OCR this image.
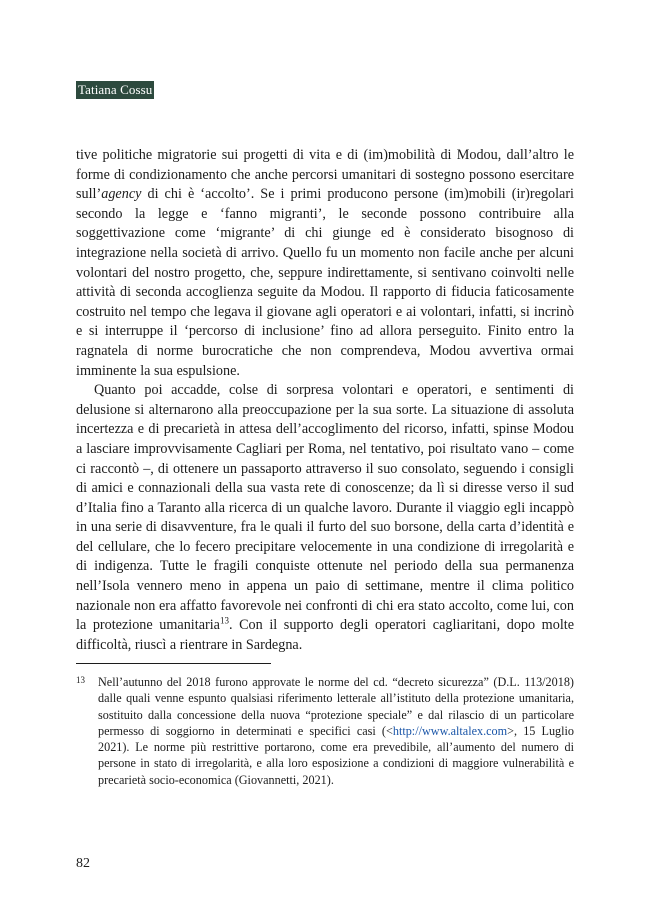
Tatiana Cossu

tive politiche migratorie sui progetti di vita e di (im)mobilità di Modou, dall’altro le forme di condizionamento che anche percorsi umanitari di sostegno possono esercitare sull’agency di chi è ‘accolto’. Se i primi producono persone (im)mobili (ir)regolari secondo la legge e ‘fanno migranti’, le seconde possono contribuire alla soggettivazione come ‘migrante’ di chi giunge ed è considerato bisognoso di integrazione nella società di arrivo. Quello fu un momento non facile anche per alcuni volontari del nostro progetto, che, seppure indirettamente, si sentivano coinvolti nelle attività di seconda accoglienza seguite da Modou. Il rapporto di fiducia faticosamente costruito nel tempo che legava il giovane agli operatori e ai volontari, infatti, si incrinò e si interruppe il ‘percorso di inclusione’ fino ad allora perseguito. Finito entro la ragnatela di norme burocratiche che non comprendeva, Modou avvertiva ormai imminente la sua espulsione.

Quanto poi accadde, colse di sorpresa volontari e operatori, e sentimenti di delusione si alternarono alla preoccupazione per la sua sorte. La situazione di assoluta incertezza e di precarietà in attesa dell’accoglimento del ricorso, infatti, spinse Modou a lasciare improvvisamente Cagliari per Roma, nel tentativo, poi risultato vano – come ci raccontò –, di ottenere un passaporto attraverso il suo consolato, seguendo i consigli di amici e connazionali della sua vasta rete di conoscenze; da lì si diresse verso il sud d’Italia fino a Taranto alla ricerca di un qualche lavoro. Durante il viaggio egli incappò in una serie di disavventure, fra le quali il furto del suo borsone, della carta d’identità e del cellulare, che lo fecero precipitare velocemente in una condizione di irregolarità e di indigenza. Tutte le fragili conquiste ottenute nel periodo della sua permanenza nell’Isola vennero meno in appena un paio di settimane, mentre il clima politico nazionale non era affatto favorevole nei confronti di chi era stato accolto, come lui, con la protezione umanitaria$^{13}$. Con il supporto degli operatori cagliaritani, dopo molte difficoltà, riuscì a rientrare in Sardegna.

13 Nell’autunno del 2018 furono approvate le norme del cd. “decreto sicurezza” (D.L. 113/2018) dalle quali venne espunto qualsiasi riferimento letterale all’istituto della protezione umanitaria, sostituito dalla concessione della nuova “protezione speciale” e dal rilascio di un particolare permesso di soggiorno in determinati e specifici casi (<http://www.altalex.com>, 15 Luglio 2021). Le norme più restrittive portarono, come era prevedibile, all’aumento del numero di persone in stato di irregolarità, e alla loro esposizione a condizioni di maggiore vulnerabilità e precarietà socio-economica (Giovannetti, 2021).
82
